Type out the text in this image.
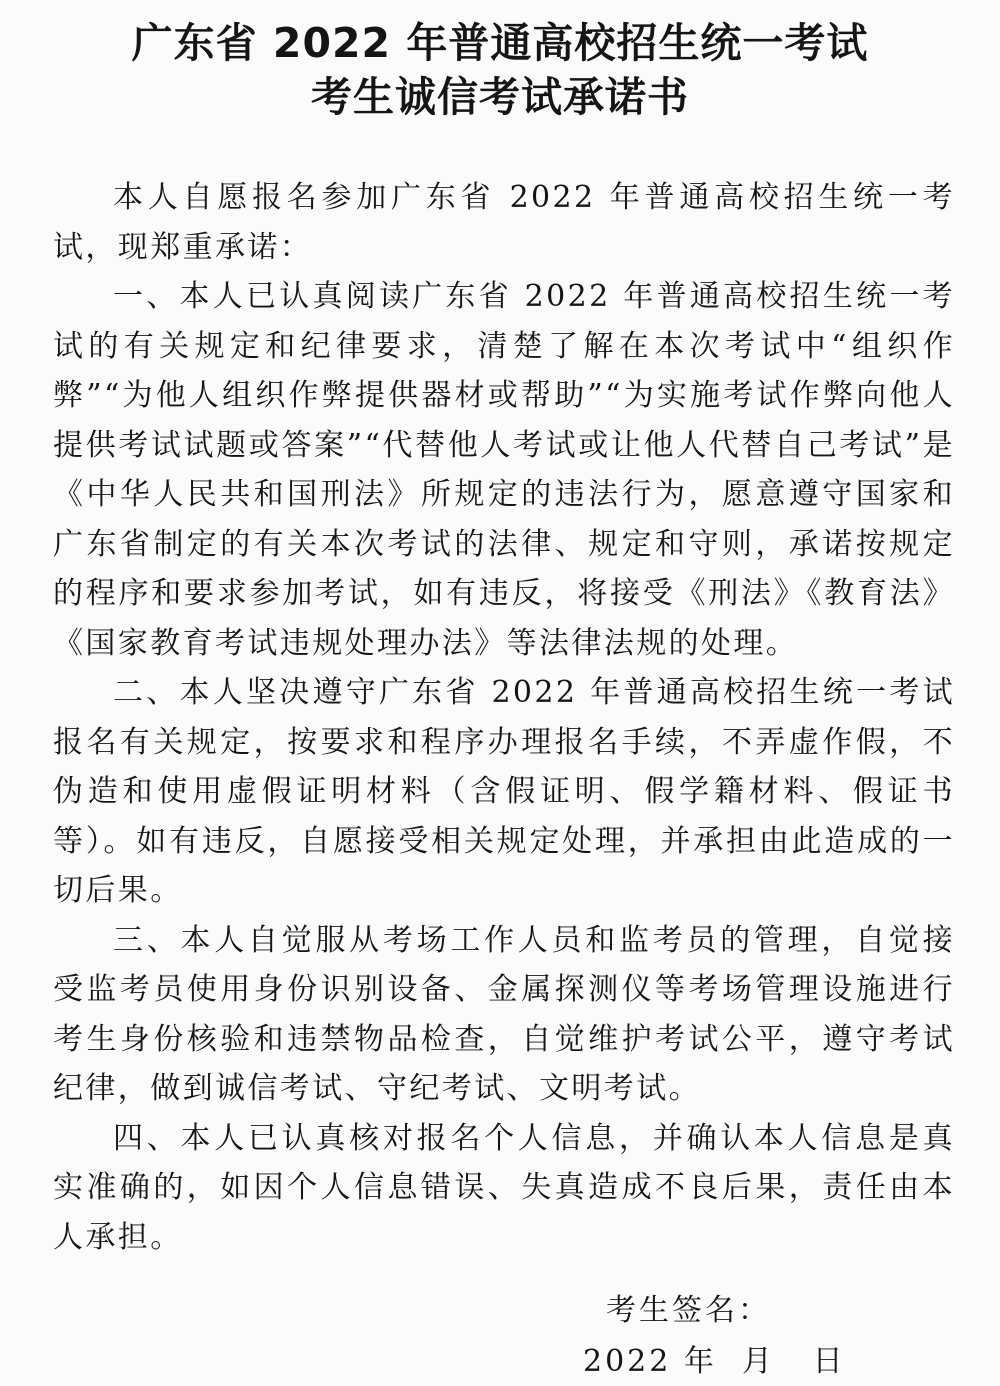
广东省 2022 年普通高校招生统一考试
考生诚信考试承诺书

本人自愿报名参加广东省 2022 年普通高校招生统一考试，现郑重承诺：

一、本人已认真阅读广东省 2022 年普通高校招生统一考试的有关规定和纪律要求，清楚了解在本次考试中“组织作弊”“为他人组织作弊提供器材或帮助”“为实施考试作弊向他人提供考试试题或答案”“代替他人考试或让他人代替自己考试”是《中华人民共和国刑法》所规定的违法行为，愿意遵守国家和广东省制定的有关本次考试的法律、规定和守则，承诺按规定的程序和要求参加考试，如有违反，将接受《刑法》《教育法》《国家教育考试违规处理办法》等法律法规的处理。

二、本人坚决遵守广东省 2022 年普通高校招生统一考试报名有关规定，按要求和程序办理报名手续，不弄虚作假，不伪造和使用虚假证明材料（含假证明、假学籍材料、假证书等）。如有违反，自愿接受相关规定处理，并承担由此造成的一切后果。

三、本人自觉服从考场工作人员和监考员的管理，自觉接受监考员使用身份识别设备、金属探测仪等考场管理设施进行考生身份核验和违禁物品检查，自觉维护考试公平，遵守考试纪律，做到诚信考试、守纪考试、文明考试。

四、本人已认真核对报名个人信息，并确认本人信息是真实准确的，如因个人信息错误、失真造成不良后果，责任由本人承担。

考生签名：
2022 年  月   日
